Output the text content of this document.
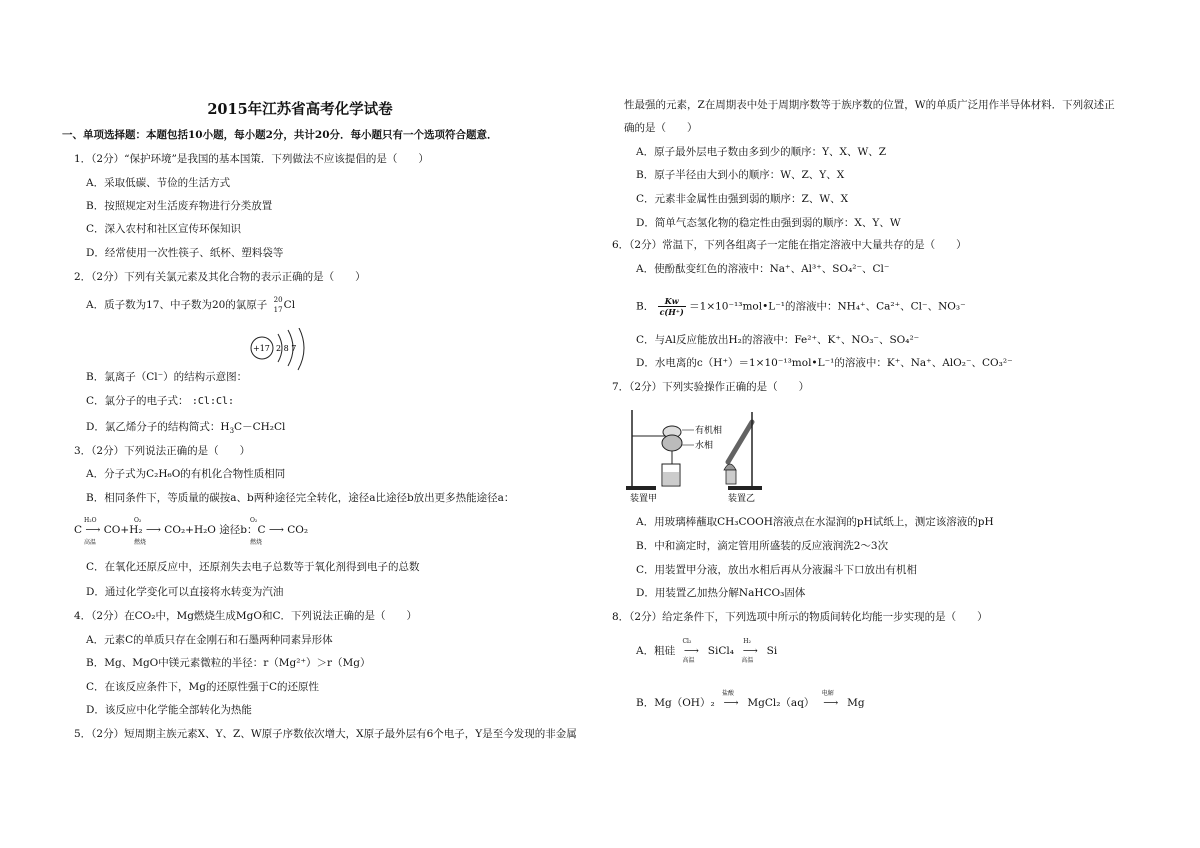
2015年江苏省高考化学试卷
一、单项选择题：本题包括10小题，每小题2分，共计20分．每小题只有一个选项符合题意．
1．（2分）“保护环境”是我国的基本国策．下列做法不应该提倡的是（　　）
A．采取低碳、节俭的生活方式
B．按照规定对生活废弃物进行分类放置
C．深入农村和社区宣传环保知识
D．经常使用一次性筷子、纸杯、塑料袋等
2．（2分）下列有关氯元素及其化合物的表示正确的是（　　）
A．质子数为17、中子数为20的氯原子 20
17 Cl
+17 2 8 7
B．氯离子（Cl⁻）的结构示意图：
C．氯分子的电子式： :Cl:Cl:
D．氯乙烯分子的结构简式：$H_3C-CH_2Cl$
3．（2分）下列说法正确的是（　　）
A．分子式为C₂H₆O的有机化合物性质相同
B．相同条件下，等质量的碳按a、b两种途径完全转化，途径a比途径b放出更多热能途径a：
C ⟶ CO+H₂ ⟶ CO₂+H₂O 途径b：C ⟶ CO₂
H₂O
高温
O₂
燃烧
O₂
燃烧
C．在氧化还原反应中，还原剂失去电子总数等于氧化剂得到电子的总数
D．通过化学变化可以直接将水转变为汽油
4．（2分）在CO₂中，Mg燃烧生成MgO和C．下列说法正确的是（　　）
A．元素C的单质只存在金刚石和石墨两种同素异形体
B．Mg、MgO中镁元素微粒的半径：r（Mg²⁺）＞r（Mg）
C．在该反应条件下，Mg的还原性强于C的还原性
D．该反应中化学能全部转化为热能
5．（2分）短周期主族元素X、Y、Z、W原子序数依次增大，X原子最外层有6个电子，Y是至今发现的非金属
性最强的元素，Z在周期表中处于周期序数等于族序数的位置，W的单质广泛用作半导体材料．下列叙述正
确的是（　　）
A．原子最外层电子数由多到少的顺序：Y、X、W、Z
B．原子半径由大到小的顺序：W、Z、Y、X
C．元素非金属性由强到弱的顺序：Z、W、X
D．简单气态氢化物的稳定性由强到弱的顺序：X、Y、W
6．（2分）常温下，下列各组离子一定能在指定溶液中大量共存的是（　　）
A．使酚酞变红色的溶液中：Na⁺、Al³⁺、SO₄²⁻、Cl⁻
B． $\frac{Kw}{c(H^+)}$ ＝1×10⁻¹³mol•L⁻¹的溶液中：NH₄⁺、Ca²⁺、Cl⁻、NO₃⁻
C．与Al反应能放出H₂的溶液中：Fe²⁺、K⁺、NO₃⁻、SO₄²⁻
D．水电离的c（H⁺）＝1×10⁻¹³mol•L⁻¹的溶液中：K⁺、Na⁺、AlO₂⁻、CO₃²⁻
7．（2分）下列实验操作正确的是（　　）
有机相
水相
装置甲	装置乙
A．用玻璃棒蘸取CH₃COOH溶液点在水湿润的pH试纸上，测定该溶液的pH
B．中和滴定时，滴定管用所盛装的反应液润洗2～3次
C．用装置甲分液，放出水相后再从分液漏斗下口放出有机相
D．用装置乙加热分解NaHCO₃固体
8．（2分）给定条件下，下列选项中所示的物质间转化均能一步实现的是（　　）
A．粗硅 ⟶
Cl₂
高温
SiCl₄ ⟶
H₂
高温
Si
B．Mg（OH）₂ ⟶
盐酸
MgCl₂（aq） ⟶
电解
Mg
